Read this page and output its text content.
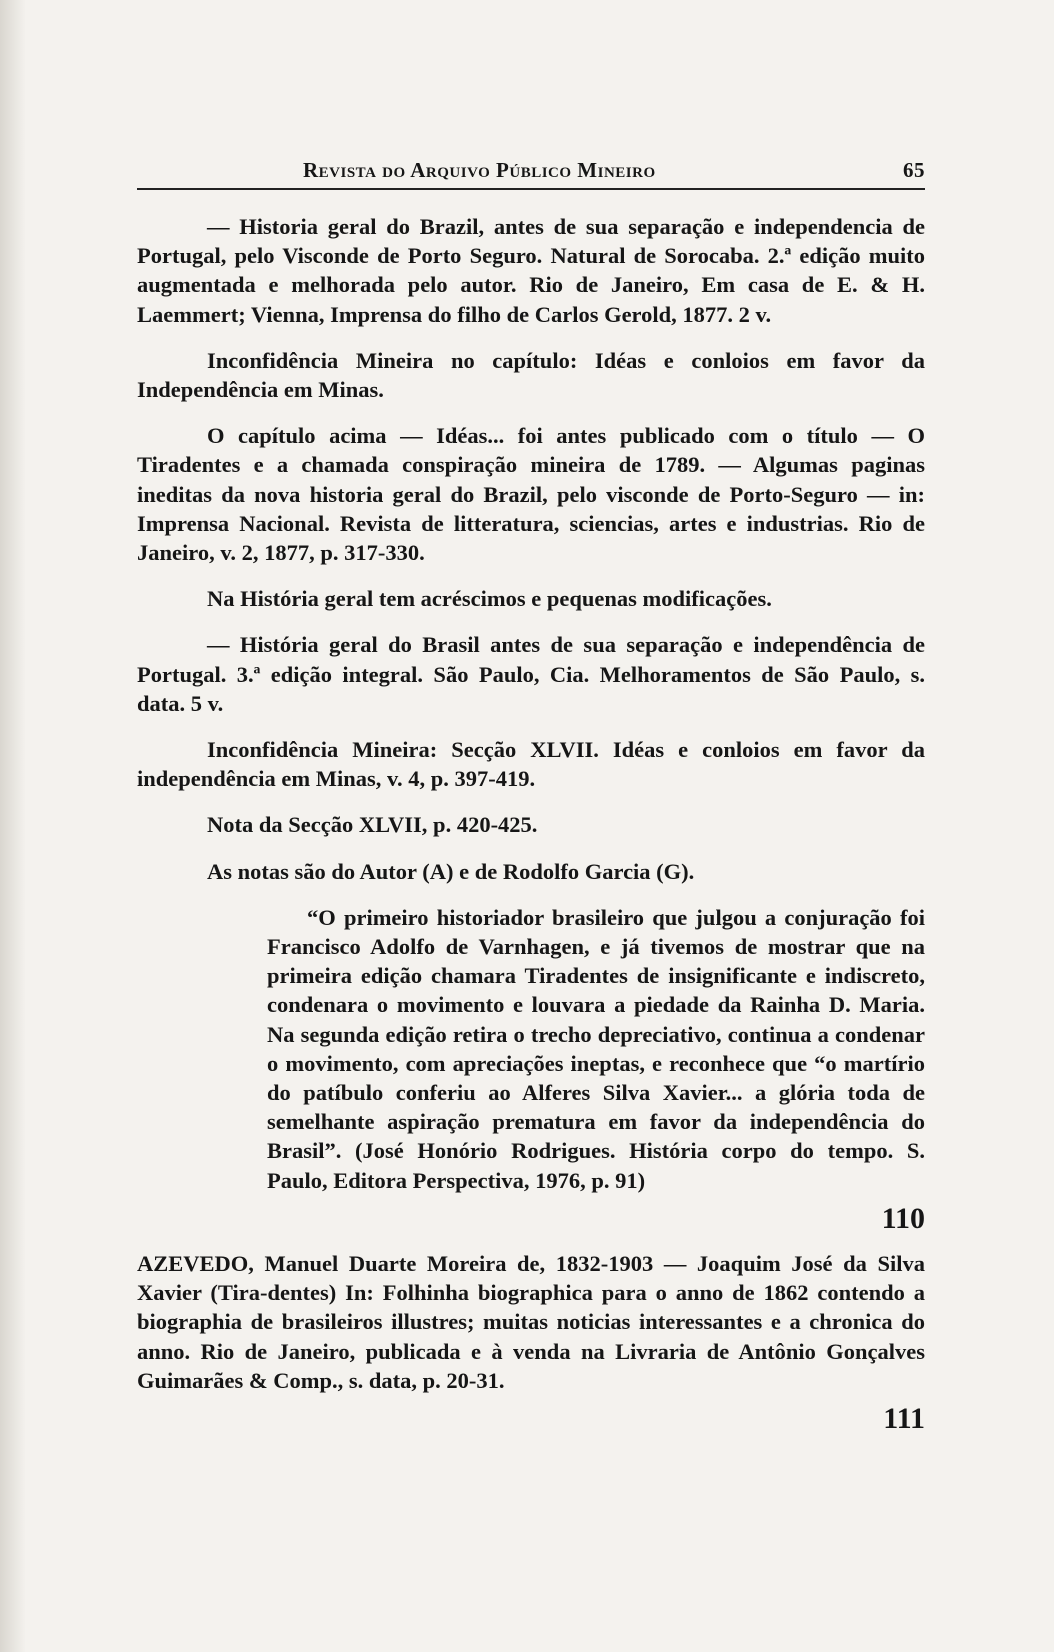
Revista do Arquivo Público Mineiro	65

— Historia geral do Brazil, antes de sua separação e independencia de Portugal, pelo Visconde de Porto Seguro. Natural de Sorocaba. 2.ª edição muito augmentada e melhorada pelo autor. Rio de Janeiro, Em casa de E. & H. Laemmert; Vienna, Imprensa do filho de Carlos Gerold, 1877. 2 v.

Inconfidência Mineira no capítulo: Idéas e conloios em favor da Independência em Minas.

O capítulo acima — Idéas... foi antes publicado com o título — O Tiradentes e a chamada conspiração mineira de 1789. — Algumas paginas ineditas da nova historia geral do Brazil, pelo visconde de Porto-Seguro — in: Imprensa Nacional. Revista de litteratura, sciencias, artes e industrias. Rio de Janeiro, v. 2, 1877, p. 317-330.

Na História geral tem acréscimos e pequenas modificações.

— História geral do Brasil antes de sua separação e independência de Portugal. 3.ª edição integral. São Paulo, Cia. Melhoramentos de São Paulo, s. data. 5 v.

Inconfidência Mineira: Secção XLVII. Idéas e conloios em favor da independência em Minas, v. 4, p. 397-419.

Nota da Secção XLVII, p. 420-425.

As notas são do Autor (A) e de Rodolfo Garcia (G).

“O primeiro historiador brasileiro que julgou a conjuração foi Francisco Adolfo de Varnhagen, e já tivemos de mostrar que na primeira edição chamara Tiradentes de insignificante e indiscreto, condenara o movimento e louvara a piedade da Rainha D. Maria. Na segunda edição retira o trecho depreciativo, continua a condenar o movimento, com apreciações ineptas, e reconhece que “o martírio do patíbulo conferiu ao Alferes Silva Xavier... a glória toda de semelhante aspiração prematura em favor da independência do Brasil”. (José Honório Rodrigues. História corpo do tempo. S. Paulo, Editora Perspectiva, 1976, p. 91)

110

AZEVEDO, Manuel Duarte Moreira de, 1832-1903 — Joaquim José da Silva Xavier (Tira-dentes) In: Folhinha biographica para o anno de 1862 contendo a biographia de brasileiros illustres; muitas noticias interessantes e a chronica do anno. Rio de Janeiro, publicada e à venda na Livraria de Antônio Gonçalves Guimarães & Comp., s. data, p. 20-31.

111
